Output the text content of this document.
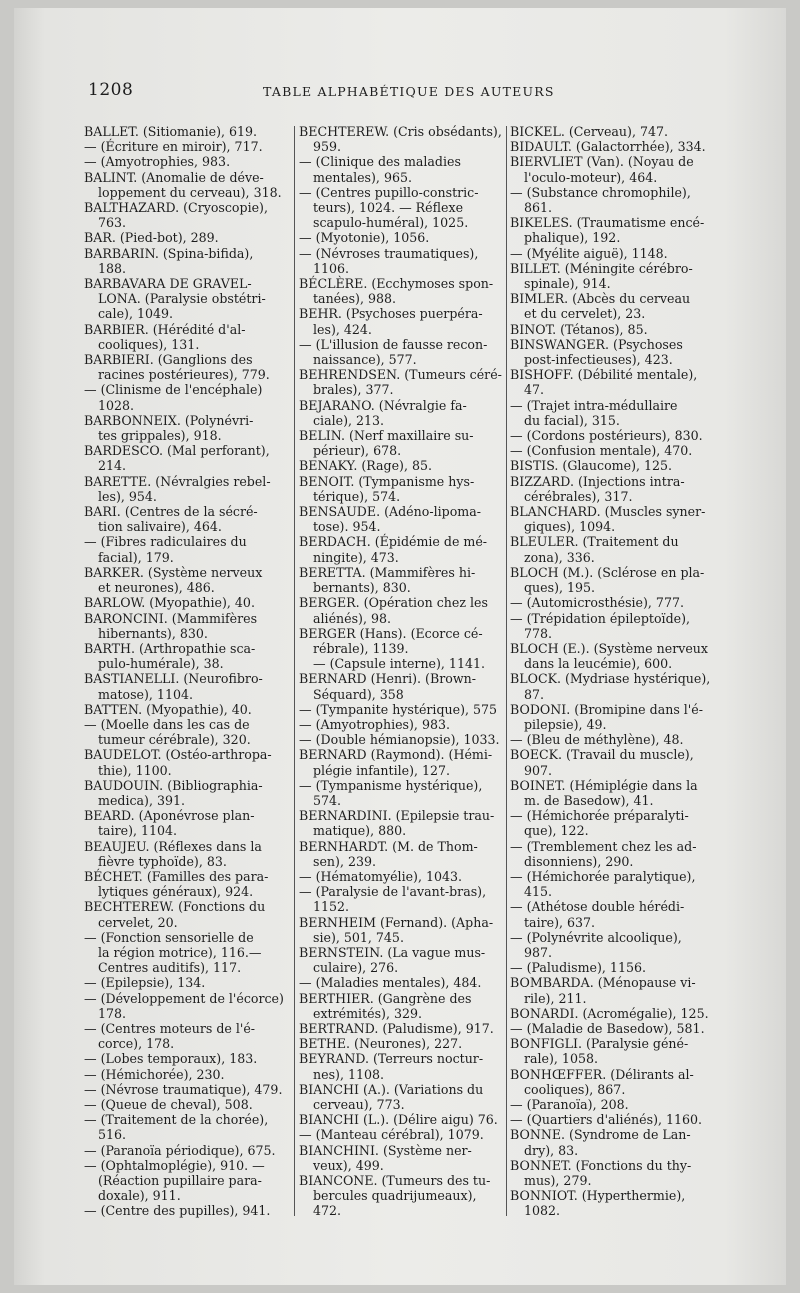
1208	TABLE ALPHABÉTIQUE DES AUTEURS
BALLET. (Sitiomanie), 619.
— (Écriture en miroir), 717.
— (Amyotrophies, 983.
BALINT. (Anomalie de déve-
loppement du cerveau), 318.
BALTHAZARD. (Cryoscopie),
763.
BAR. (Pied-bot), 289.
BARBARIN. (Spina-bifida),
188.
BARBAVARA DE GRAVEL-
LONA. (Paralysie obstétri-
cale), 1049.
BARBIER. (Hérédité d'al-
cooliques), 131.
BARBIERI. (Ganglions des
racines postérieures), 779.
— (Clinisme de l'encéphale)
1028.
BARBONNEIX. (Polynévri-
tes grippales), 918.
BARDESCO. (Mal perforant),
214.
BARETTE. (Névralgies rebel-
les), 954.
BARI. (Centres de la sécré-
tion salivaire), 464.
— (Fibres radiculaires du
facial), 179.
BARKER. (Système nerveux
et neurones), 486.
BARLOW. (Myopathie), 40.
BARONCINI. (Mammifères
hibernants), 830.
BARTH. (Arthropathie sca-
pulo-humérale), 38.
BASTIANELLI. (Neurofibro-
matose), 1104.
BATTEN. (Myopathie), 40.
— (Moelle dans les cas de
tumeur cérébrale), 320.
BAUDELOT. (Ostéo-arthropa-
thie), 1100.
BAUDOUIN. (Bibliographia-
medica), 391.
BEARD. (Aponévrose plan-
taire), 1104.
BEAUJEU. (Réflexes dans la
fièvre typhoïde), 83.
BÉCHET. (Familles des para-
lytiques généraux), 924.
BECHTEREW. (Fonctions du
cervelet, 20.
— (Fonction sensorielle de
la région motrice), 116.—
Centres auditifs), 117.
— (Epilepsie), 134.
— (Développement de l'écorce)
178.
— (Centres moteurs de l'é-
corce), 178.
— (Lobes temporaux), 183.
— (Hémichorée), 230.
— (Névrose traumatique), 479.
— (Queue de cheval), 508.
— (Traitement de la chorée),
516.
— (Paranoïa périodique), 675.
— (Ophtalmoplégie), 910. —
(Réaction pupillaire para-
doxale), 911.
— (Centre des pupilles), 941.
BECHTEREW. (Cris obsédants),
959.
— (Clinique des maladies
mentales), 965.
— (Centres pupillo-constric-
teurs), 1024. — Réflexe
scapulo-huméral), 1025.
— (Myotonie), 1056.
— (Névroses traumatiques),
1106.
BÉCLÈRE. (Ecchymoses spon-
tanées), 988.
BEHR. (Psychoses puerpéra-
les), 424.
— (L'illusion de fausse recon-
naissance), 577.
BEHRENDSEN. (Tumeurs céré-
brales), 377.
BEJARANO. (Névralgie fa-
ciale), 213.
BELIN. (Nerf maxillaire su-
périeur), 678.
BENAKY. (Rage), 85.
BENOIT. (Tympanisme hys-
térique), 574.
BENSAUDE. (Adéno-lipoma-
tose). 954.
BERDACH. (Épidémie de mé-
ningite), 473.
BERETTA. (Mammifères hi-
bernants), 830.
BERGER. (Opération chez les
aliénés), 98.
BERGER (Hans). (Ecorce cé-
rébrale), 1139.
— (Capsule interne), 1141.
BERNARD (Henri). (Brown-
Séquard), 358
— (Tympanite hystérique), 575
— (Amyotrophies), 983.
— (Double hémianopsie), 1033.
BERNARD (Raymond). (Hémi-
plégie infantile), 127.
— (Tympanisme hystérique),
574.
BERNARDINI. (Epilepsie trau-
matique), 880.
BERNHARDT. (M. de Thom-
sen), 239.
— (Hématomyélie), 1043.
— (Paralysie de l'avant-bras),
1152.
BERNHEIM (Fernand). (Apha-
sie), 501, 745.
BERNSTEIN. (La vague mus-
culaire), 276.
— (Maladies mentales), 484.
BERTHIER. (Gangrène des
extrémités), 329.
BERTRAND. (Paludisme), 917.
BETHE. (Neurones), 227.
BEYRAND. (Terreurs noctur-
nes), 1108.
BIANCHI (A.). (Variations du
cerveau), 773.
BIANCHI (L.). (Délire aigu) 76.
— (Manteau cérébral), 1079.
BIANCHINI. (Système ner-
veux), 499.
BIANCONE. (Tumeurs des tu-
bercules quadrijumeaux),
472.
BICKEL. (Cerveau), 747.
BIDAULT. (Galactorrhée), 334.
BIERVLIET (Van). (Noyau de
l'oculo-moteur), 464.
— (Substance chromophile),
861.
BIKELES. (Traumatisme encé-
phalique), 192.
— (Myélite aiguë), 1148.
BILLET. (Méningite cérébro-
spinale), 914.
BIMLER. (Abcès du cerveau
et du cervelet), 23.
BINOT. (Tétanos), 85.
BINSWANGER. (Psychoses
post-infectieuses), 423.
BISHOFF. (Débilité mentale),
47.
— (Trajet intra-médullaire
du facial), 315.
— (Cordons postérieurs), 830.
— (Confusion mentale), 470.
BISTIS. (Glaucome), 125.
BIZZARD. (Injections intra-
cérébrales), 317.
BLANCHARD. (Muscles syner-
giques), 1094.
BLEULER. (Traitement du
zona), 336.
BLOCH (M.). (Sclérose en pla-
ques), 195.
— (Automicrosthésie), 777.
— (Trépidation épileptoïde),
778.
BLOCH (E.). (Système nerveux
dans la leucémie), 600.
BLOCK. (Mydriase hystérique),
87.
BODONI. (Bromipine dans l'é-
pilepsie), 49.
— (Bleu de méthylène), 48.
BOECK. (Travail du muscle),
907.
BOINET. (Hémiplégie dans la
m. de Basedow), 41.
— (Hémichorée préparalyti-
que), 122.
— (Tremblement chez les ad-
disonniens), 290.
— (Hémichorée paralytique),
415.
— (Athétose double hérédi-
taire), 637.
— (Polynévrite alcoolique),
987.
— (Paludisme), 1156.
BOMBARDA. (Ménopause vi-
rile), 211.
BONARDI. (Acromégalie), 125.
— (Maladie de Basedow), 581.
BONFIGLI. (Paralysie géné-
rale), 1058.
BONHŒFFER. (Délirants al-
cooliques), 867.
— (Paranoïa), 208.
— (Quartiers d'aliénés), 1160.
BONNE. (Syndrome de Lan-
dry), 83.
BONNET. (Fonctions du thy-
mus), 279.
BONNIOT. (Hyperthermie),
1082.
